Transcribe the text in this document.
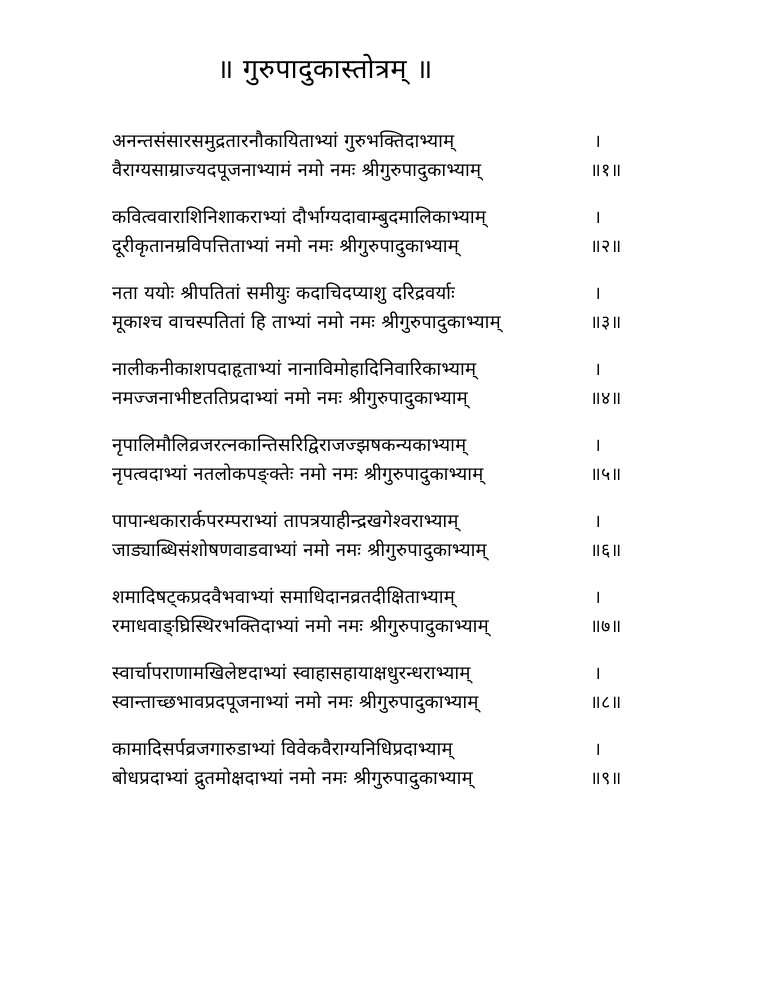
॥ गुरुपादुकास्तोत्रम् ॥
अनन्तसंसारसमुद्रतारनौकायिताभ्यां गुरुभक्तिदाभ्याम्	।
वैराग्यसाम्राज्यदपूजनाभ्यामं नमो नमः श्रीगुरुपादुकाभ्याम्	॥१॥
कवित्ववाराशिनिशाकराभ्यां दौर्भाग्यदावाम्बुदमालिकाभ्याम्	।
दूरीकृतानम्रविपत्तिताभ्यां नमो नमः श्रीगुरुपादुकाभ्याम्	॥२॥
नता ययोः श्रीपतितां समीयुः कदाचिदप्याशु दरिद्रवर्याः	।
मूकाश्च वाचस्पतितां हि ताभ्यां नमो नमः श्रीगुरुपादुकाभ्याम्	॥३॥
नालीकनीकाशपदाहृताभ्यां नानाविमोहादिनिवारिकाभ्याम्	।
नमज्जनाभीष्टततिप्रदाभ्यां नमो नमः श्रीगुरुपादुकाभ्याम्	॥४॥
नृपालिमौलिव्रजरत्नकान्तिसरिद्विराजज्झषकन्यकाभ्याम्	।
नृपत्वदाभ्यां नतलोकपङ्क्तेः नमो नमः श्रीगुरुपादुकाभ्याम्	॥५॥
पापान्धकारार्कपरम्पराभ्यां तापत्रयाहीन्द्रखगेश्वराभ्याम्	।
जाड्याब्धिसंशोषणवाडवाभ्यां नमो नमः श्रीगुरुपादुकाभ्याम्	॥६॥
शमादिषट्कप्रदवैभवाभ्यां समाधिदानव्रतदीक्षिताभ्याम्	।
रमाधवाङ्घ्रिस्थिरभक्तिदाभ्यां नमो नमः श्रीगुरुपादुकाभ्याम्	॥७॥
स्वार्चापराणामखिलेष्टदाभ्यां स्वाहासहायाक्षधुरन्धराभ्याम्	।
स्वान्ताच्छभावप्रदपूजनाभ्यां नमो नमः श्रीगुरुपादुकाभ्याम्	॥८॥
कामादिसर्पव्रजगारुडाभ्यां विवेकवैराग्यनिधिप्रदाभ्याम्	।
बोधप्रदाभ्यां द्रुतमोक्षदाभ्यां नमो नमः श्रीगुरुपादुकाभ्याम्	॥९॥
